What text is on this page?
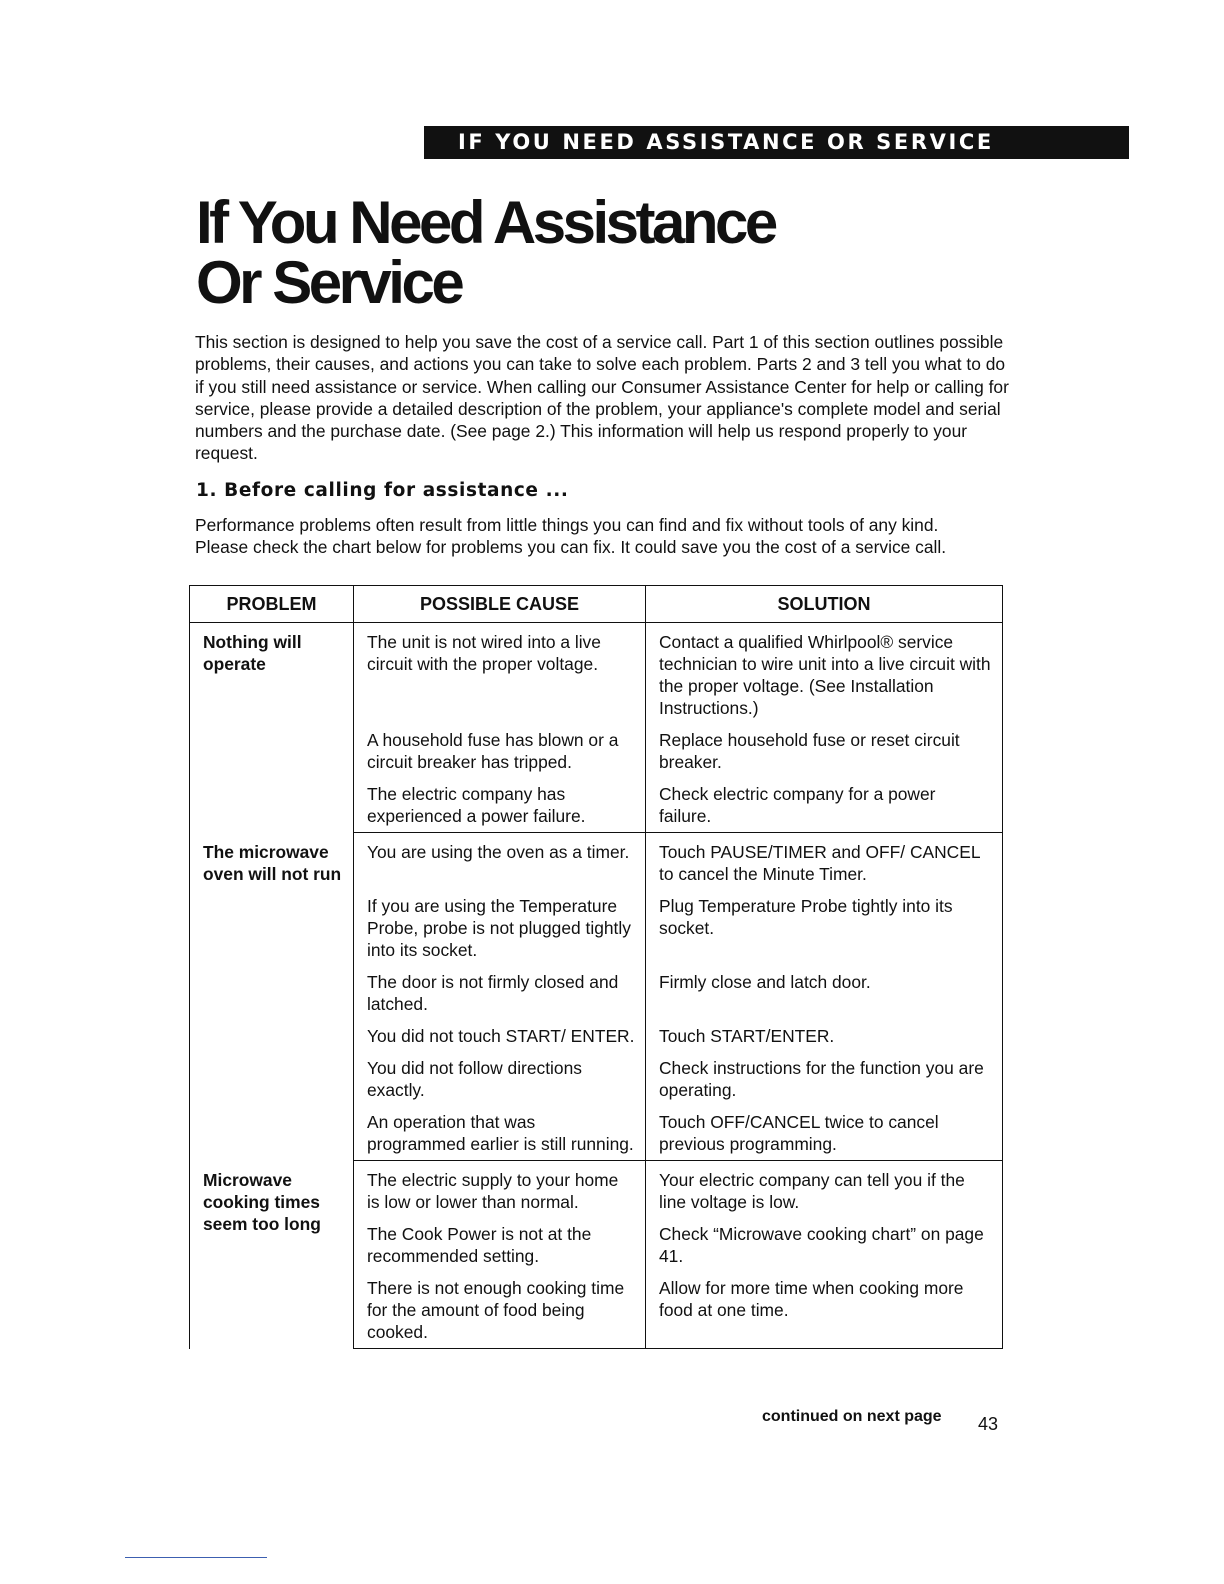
IF YOU NEED ASSISTANCE OR SERVICE
If You Need Assistance
Or Service

This section is designed to help you save the cost of a service call. Part 1 of this section outlines possible problems, their causes, and actions you can take to solve each problem. Parts 2 and 3 tell you what to do if you still need assistance or service. When calling our Consumer Assistance Center for help or calling for service, please provide a detailed description of the problem, your appliance's complete model and serial numbers and the purchase date. (See page 2.) This information will help us respond properly to your request.

1. Before calling for assistance ...

Performance problems often result from little things you can find and fix without tools of any kind. Please check the chart below for problems you can fix. It could save you the cost of a service call.

PROBLEM	POSSIBLE CAUSE	SOLUTION
Nothing will operate	The unit is not wired into a live circuit with the proper voltage.	Contact a qualified Whirlpool® service technician to wire unit into a live circuit with the proper voltage. (See Installation Instructions.)
	A household fuse has blown or a circuit breaker has tripped.	Replace household fuse or reset circuit breaker.
	The electric company has experienced a power failure.	Check electric company for a power failure.
The microwave oven will not run	You are using the oven as a timer.	Touch PAUSE/TIMER and OFF/ CANCEL to cancel the Minute Timer.
	If you are using the Temperature Probe, probe is not plugged tightly into its socket.	Plug Temperature Probe tightly into its socket.
	The door is not firmly closed and latched.	Firmly close and latch door.
	You did not touch START/ ENTER.	Touch START/ENTER.
	You did not follow directions exactly.	Check instructions for the function you are operating.
	An operation that was programmed earlier is still running.	Touch OFF/CANCEL twice to cancel previous programming.
Microwave cooking times seem too long	The electric supply to your home is low or lower than normal.	Your electric company can tell you if the line voltage is low.
	The Cook Power is not at the recommended setting.	Check “Microwave cooking chart” on page 41.
	There is not enough cooking time for the amount of food being cooked.	Allow for more time when cooking more food at one time.
continued on next page 43
